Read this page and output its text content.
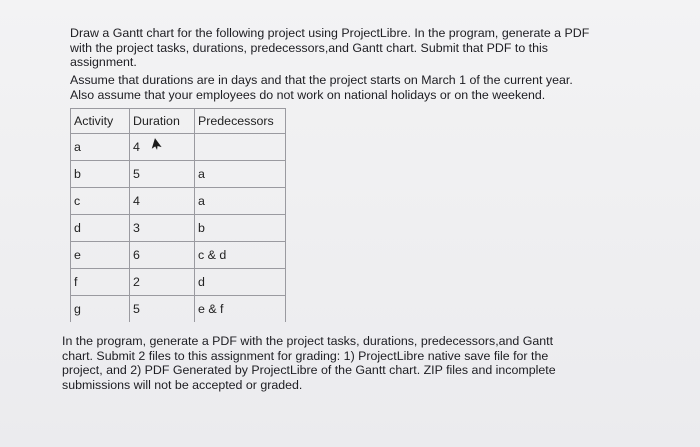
Draw a Gantt chart for the following project using ProjectLibre. In the program, generate a PDF
with the project tasks, durations, predecessors,and Gantt chart. Submit that PDF to this
assignment.

Assume that durations are in days and that the project starts on March 1 of the current year.
Also assume that your employees do not work on national holidays or on the weekend.

Activity	Duration	Predecessors
a	4	
b	5	a
c	4	a
d	3	b
e	6	c & d
f	2	d
g	5	e & f

In the program, generate a PDF with the project tasks, durations, predecessors,and Gantt
chart. Submit 2 files to this assignment for grading: 1) ProjectLibre native save file for the
project, and 2) PDF Generated by ProjectLibre of the Gantt chart. ZIP files and incomplete
submissions will not be accepted or graded.
